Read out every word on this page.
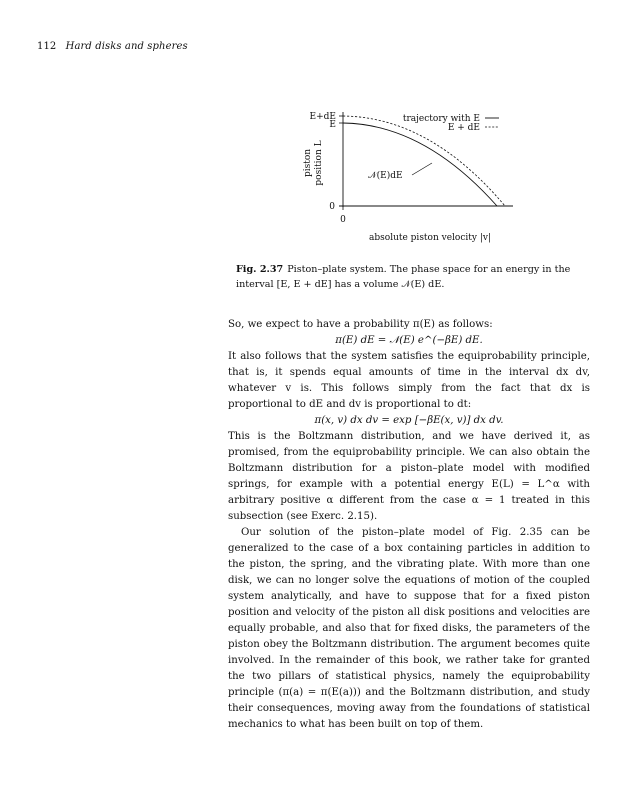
112 Hard disks and spheres
E+dE
E
piston position L
0
0
absolute piston velocity |v|
trajectory with E
E + dE
𝒩(E)dE
Fig. 2.37 Piston–plate system. The phase space for an energy in the interval [E, E + dE] has a volume 𝒩(E) dE.

So, we expect to have a probability π(E) as follows:

π(E) dE = 𝒩(E) e^(−βE) dE.

It also follows that the system satisfies the equiprobability principle, that is, it spends equal amounts of time in the interval dx dv, whatever v is. This follows simply from the fact that dx is proportional to dE and dv is proportional to dt:

π(x, v) dx dv = exp [−βE(x, v)] dx dv.

This is the Boltzmann distribution, and we have derived it, as promised, from the equiprobability principle. We can also obtain the Boltzmann distribution for a piston–plate model with modified springs, for example with a potential energy E(L) = L^α with arbitrary positive α different from the case α = 1 treated in this subsection (see Exerc. 2.15).

Our solution of the piston–plate model of Fig. 2.35 can be generalized to the case of a box containing particles in addition to the piston, the spring, and the vibrating plate. With more than one disk, we can no longer solve the equations of motion of the coupled system analytically, and have to suppose that for a fixed piston position and velocity of the piston all disk positions and velocities are equally probable, and also that for fixed disks, the parameters of the piston obey the Boltzmann distribution. The argument becomes quite involved. In the remainder of this book, we rather take for granted the two pillars of statistical physics, namely the equiprobability principle (π(a) = π(E(a))) and the Boltzmann distribution, and study their consequences, moving away from the foundations of statistical mechanics to what has been built on top of them.
